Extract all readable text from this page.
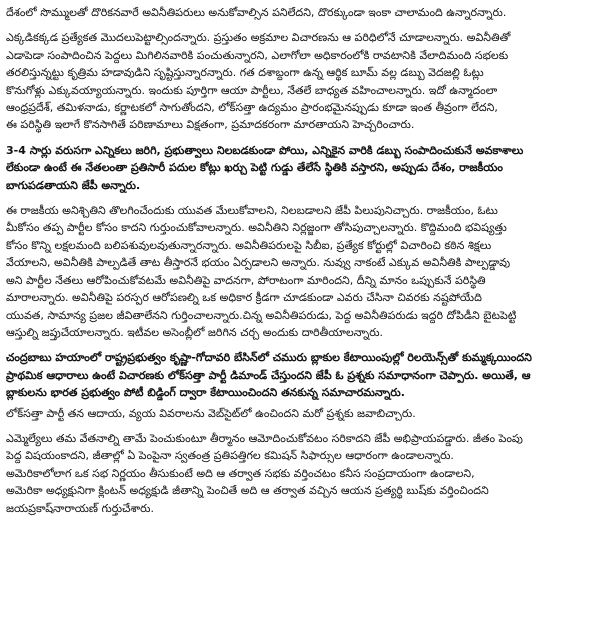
దేశంలో సొమ్ములతో దొరికనవారే అవినీతిపరులు అనుకోవాల్సిన పనిలేదని, దొరక్కుండా ఇంకా చాలామంది ఉన్నారన్నారు.

ఎక్కడికక్కడ ప్రత్యేకత మొదలుపెట్టాల్సిందన్నారు. ప్రస్తుతం అక్రమాల విచారణను ఆ పరిధిలోనే చూడాలన్నారు. అవినీతితో

ఎడాపెడా సంపాదించిన పెద్దలు మిగిలినవారికి పంచుతున్నారని, ఎలాగోలా అధికారంలోకి రావటానికి వేలాదిమంది సభలకు

తరలిస్తున్నట్టు కృత్రిమ హడావుడిని సృష్టిస్తున్నారన్నారు. గత దశాబ్దంగా ఉన్న ఆర్థిక బూమ్ వల్ల డబ్బు వెదజల్లి ఓట్లు

కొనుగోళ్లు ఎక్కువయ్యాయన్నారు. ఇందుకు పూర్తిగా ఆయా పార్టీలు, నేతలే బాధ్యత వహించాలన్నారు. ఇదో ఉన్మాదంలా

ఆంధ్రప్రదేశ్, తమిళనాడు, కర్ణాటకలో సాగుతోందని, లోక్‌సత్తా ఉద్యమం ప్రారంభమైనప్పుడు కూడా ఇంత తీవ్రంగా లేదని,

ఈ పరిస్థితి ఇలాగే కొనసాగితే పరిణామాలు విక్షతంగా, ప్రమాదకరంగా మారతాయని హెచ్చరించారు.

3-4 సార్లు వరుసగా ఎన్నికలు జరిగి, ప్రభుత్వాలు నిలబడకుండా పోయి, ఎన్నికైన వారికి డబ్బు సంపాదించుకునే అవకాశాలు

లేకుండా ఉంటే ఈ నేతలంతా ప్రతిసారీ పదుల కోట్లు ఖర్చు పెట్టి గుడ్డు తేలేసే స్థితికి వస్తారని, అప్పుడు దేశం, రాజకీయం

బాగుపడతాయని జేపీ అన్నారు.

ఈ రాజకీయ అనిశ్చితిని తొలగించేందుకు యువత మేలుకోవాలని, నిలబడాలని జేపీ పిలుపునిచ్చారు. రాజకీయం, ఓటు

మీకోసం తప్ప పార్టీల కోసం కాదని గుర్తుంచుకోవాలన్నారు. అవినీతిని నిర్లజ్జంగా తోసిపుచ్చాలన్నారు. కొద్దిమంది భవిష్యత్తు

కోసం కొన్ని లక్షలమంది బలిపశువులవుతున్నారన్నారు. అవినీతిపరులపై సిబీఐ, ప్రత్యేక కోర్టుల్లో విచారించి కఠిన శిక్షలు

వేయాలని, అవినీతికి పాల్పడితే తాట తీస్తారనే భయం ఏర్పడాలని అన్నారు. నువ్వు నాకంటే ఎక్కువ అవినీతికి పాల్పడ్డావు

అని పార్టీల నేతలు ఆరోపించుకోవటమే అవినీతిపై వాదనగా, పోరాటంగా మారిందని, దీన్ని మానం ఒప్పుకునే పరిస్థితి

మారాలన్నారు. అవినీతిపై పరస్పర ఆరోపణల్ని ఒక అధికార క్రీడగా చూడకుండా ఎవరు చేసినా చివరకు నష్టపోయేది

యువత, సామాన్య ప్రజల జీవితాలేనని గుర్తించాలన్నారు.చిన్న అవినీతిపరుడు, పెద్ద అవినీతిపరుడు ఇద్దరి దోపిడీని బైటపెట్టి

ఆస్తుల్ని జప్తుచేయాలన్నారు. ఇటీవల అసెంబ్లీలో జరిగిన చర్చ అందుకు దారితీయాలన్నారు.

చంద్రబాబు హయాంలో రాష్ట్రప్రభుత్వం కృష్ణా-గోదావరి బేసిన్‌లో చమురు బ్లాకుల కేటాయింపుల్లో రిలయెన్స్‌తో కుమ్మక్కయిందని

ప్రాథమిక ఆధారాలు ఉంటే విచారణకు లోక్‌సత్తా పార్టీ డిమాండ్ చేస్తుందని జేపీ ఓ ప్రశ్నకు సమాధానంగా చెప్పారు. అయితే, ఆ

బ్లాకులను భారత ప్రభుత్వం పోటీ బిడ్డింగ్ ద్వారా కేటాయించిందని తనకున్న సమాచారమన్నారు.

లోక్‌సత్తా పార్టీ తన ఆదాయ, వ్యయ వివరాలను వెబ్‌సైట్‌లో ఉంచిందని మరో ప్రశ్నకు జవాబిచ్చారు.

ఎమ్మెల్యేలు తమ వేతనాల్ని తామే పెంచుకుంటూ తీర్మానం ఆమోదించుకోవటం సరికాదని జేపీ అభిప్రాయపడ్డారు. జీతం పెంపు

పెద్ద విషయంకాదని, జీతాల్లో ఏ పెంపైనా స్వతంత్ర ప్రతిపత్తిగల కమిషన్ సిఫార్సుల ఆధారంగా ఉండాలన్నారు.

అమెరికాలోలాగ ఒక సభ నిర్ణయం తీసుకుంటే అది ఆ తర్వాత సభకు వర్తించటం కనీస సంప్రదాయంగా ఉండాలని,

అమెరికా అధ్యక్షునిగా క్లింటన్ అధ్యక్షుడి జీతాన్ని పెంచితే అది ఆ తర్వాత వచ్చిన ఆయన ప్రత్యర్థి బుష్‌కు వర్తించిందని

జయప్రకాష్‌నారాయణ్ గుర్తుచేశారు.
